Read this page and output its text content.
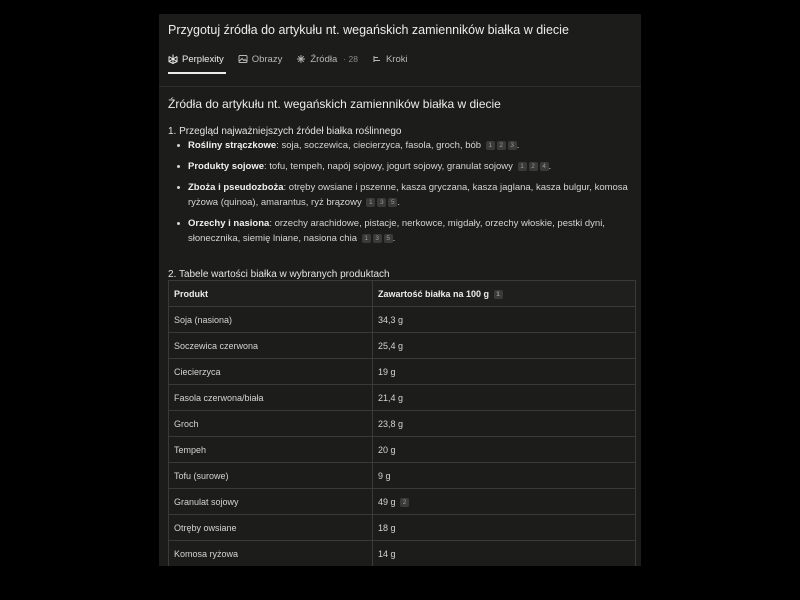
Przygotuj źródła do artykułu nt. wegańskich zamienników białka w diecie
Perplexity	Obrazy	Źródła · 28	Kroki
Źródła do artykułu nt. wegańskich zamienników białka w diecie
1. Przegląd najważniejszych źródeł białka roślinnego
Rośliny strączkowe: soja, soczewica, ciecierzyca, fasola, groch, bób 1 2 3 .
Produkty sojowe: tofu, tempeh, napój sojowy, jogurt sojowy, granulat sojowy 1 2 4 .
Zboża i pseudozboża: otręby owsiane i pszenne, kasza gryczana, kasza jaglana, kasza bulgur, komosa ryżowa (quinoa), amarantus, ryż brązowy 1 3 5 .
Orzechy i nasiona: orzechy arachidowe, pistacje, nerkowce, migdały, orzechy włoskie, pestki dyni, słonecznika, siemię lniane, nasiona chia 1 3 5 .
2. Tabele wartości białka w wybranych produktach
Produkt	Zawartość białka na 100 g 1
Soja (nasiona)	34,3 g
Soczewica czerwona	25,4 g
Ciecierzyca	19 g
Fasola czerwona/biała	21,4 g
Groch	23,8 g
Tempeh	20 g
Tofu (surowe)	9 g
Granulat sojowy	49 g 2
Otręby owsiane	18 g
Komosa ryżowa	14 g
